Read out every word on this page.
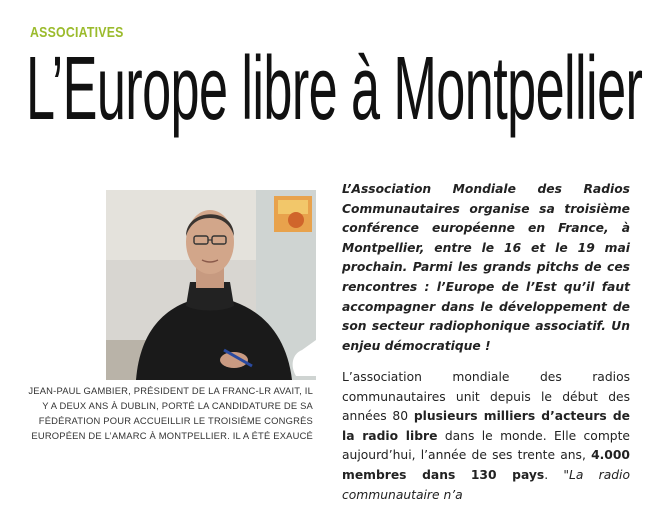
ASSOCIATIVES
L’Europe libre à Montpellier
JEAN-PAUL GAMBIER, PRÉSIDENT DE LA FRANC-LR AVAIT, IL Y A DEUX ANS À DUBLIN, PORTÉ LA CANDIDATURE DE SA FÉDÉRATION POUR ACCUEILLIR LE TROISIÈME CONGRÈS EUROPÉEN DE L’AMARC À MONTPELLIER. IL A ÉTÉ EXAUCÉ

L’Association Mondiale des Radios Communautaires organise sa troisième conférence européenne en France, à Montpellier, entre le 16 et le 19 mai prochain. Parmi les grands pitchs de ces rencontres : l’Europe de l’Est qu’il faut accompagner dans le développement de son secteur radiophonique associatif. Un enjeu démocratique !

L’association mondiale des radios communautaires unit depuis le début des années 80 plusieurs milliers d’acteurs de la radio libre dans le monde. Elle compte aujourd’hui, l’année de ses trente ans, 4.000 membres dans 130 pays. "La radio communautaire n’a
